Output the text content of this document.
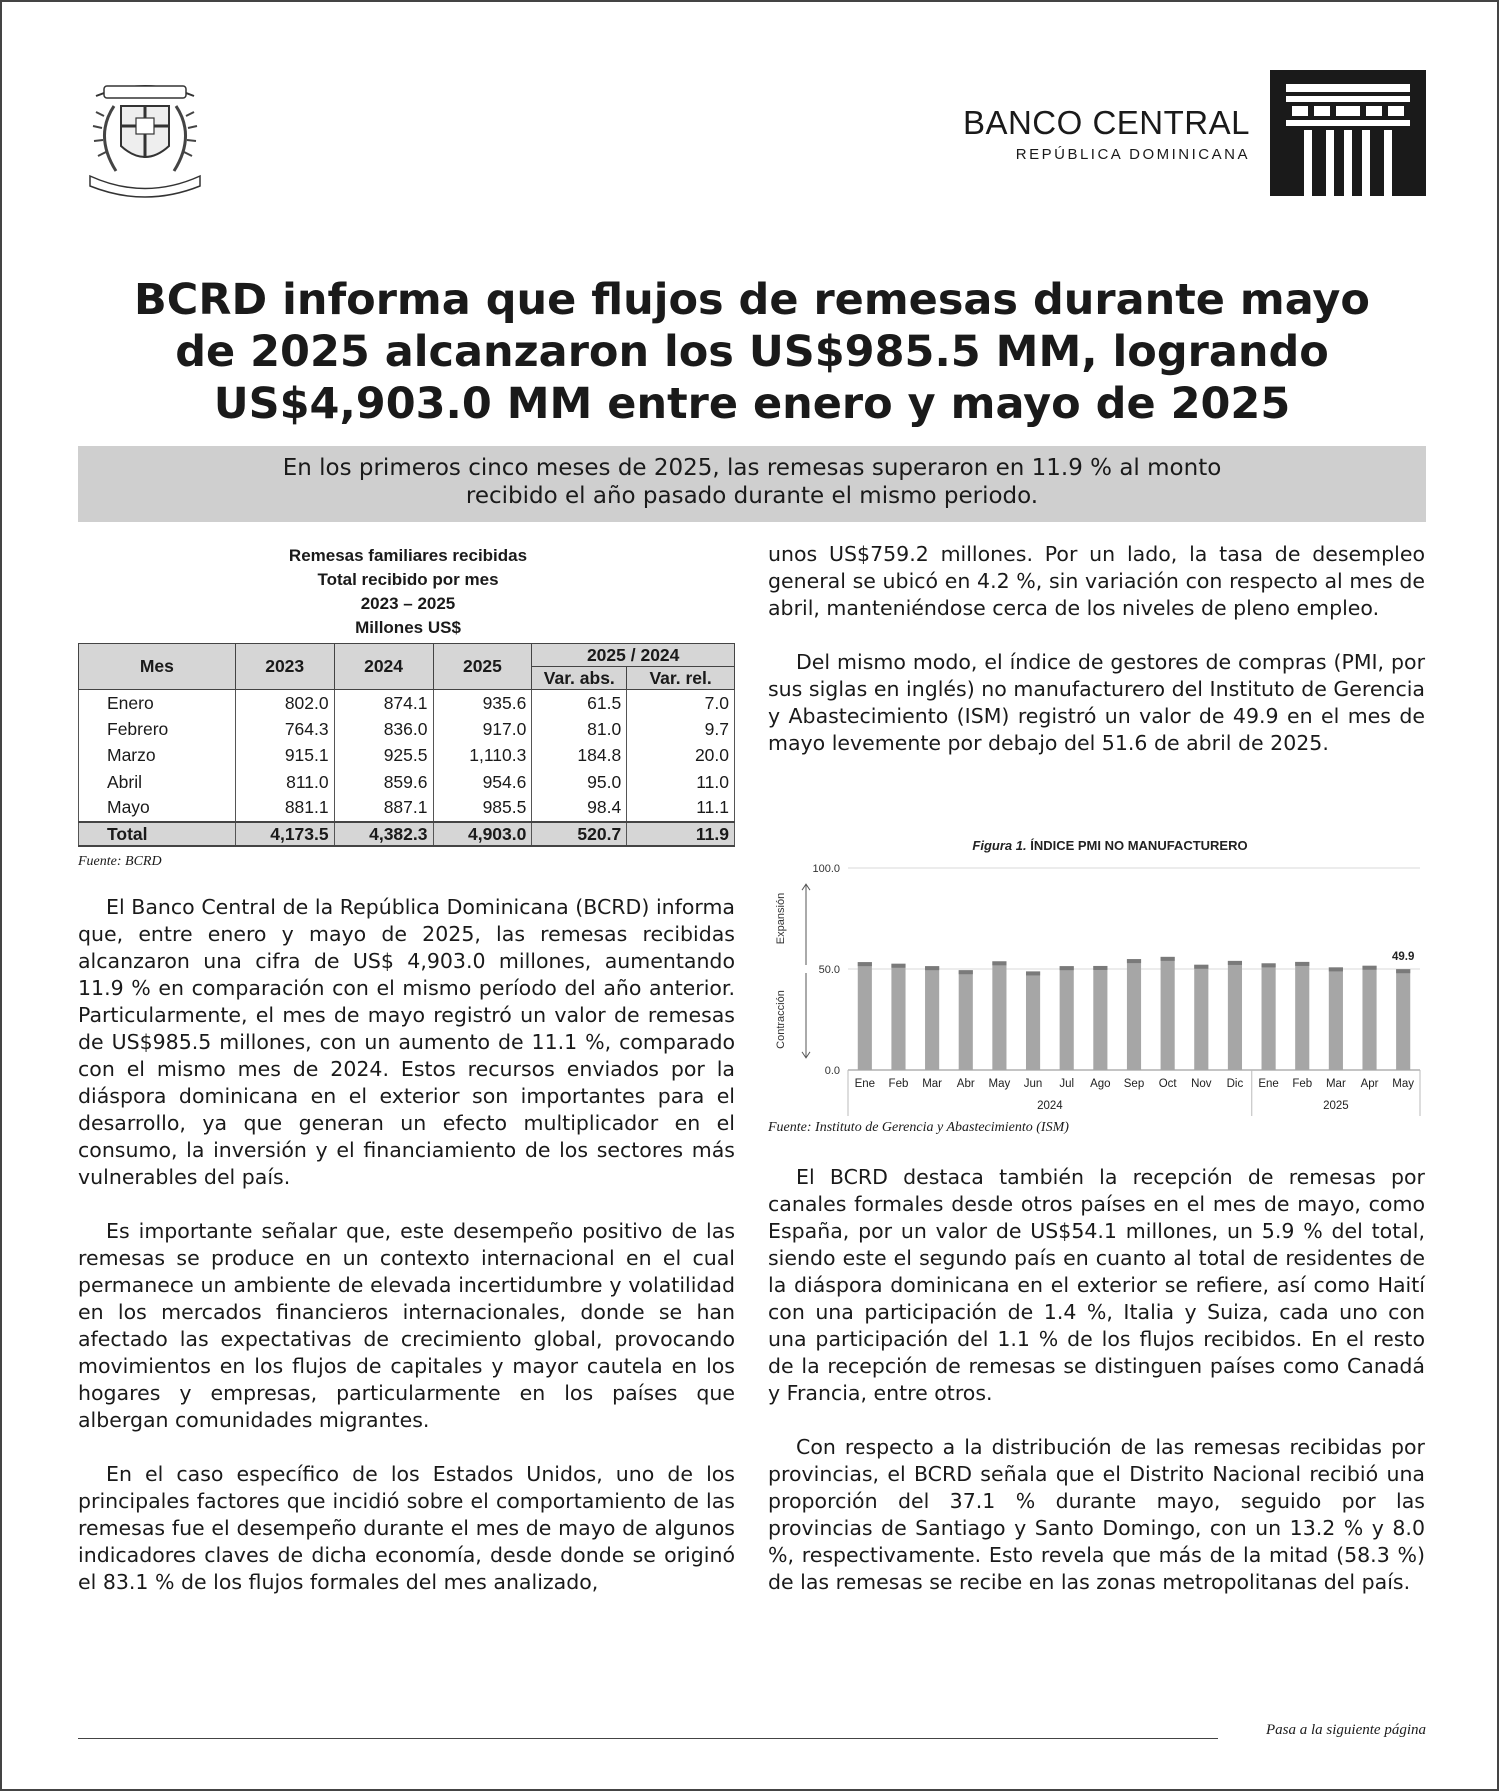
BANCO CENTRAL
REPÚBLICA DOMINICANA
BCRD informa que flujos de remesas durante mayo
de 2025 alcanzaron los US$985.5 MM, logrando
US$4,903.0 MM entre enero y mayo de 2025
En los primeros cinco meses de 2025, las remesas superaron en 11.9 % al monto
recibido el año pasado durante el mismo periodo.
Remesas familiares recibidas
Total recibido por mes
2023 – 2025
Millones US$
Mes	2023	2024	2025	2025 / 2024	
				Var. abs.	Var. rel.
Enero	802.0	874.1	935.6	61.5	7.0
Febrero	764.3	836.0	917.0	81.0	9.7
Marzo	915.1	925.5	1,110.3	184.8	20.0
Abril	811.0	859.6	954.6	95.0	11.0
Mayo	881.1	887.1	985.5	98.4	11.1
Total	4,173.5	4,382.3	4,903.0	520.7	11.9
Fuente: BCRD

El Banco Central de la República Dominicana (BCRD) informa que, entre enero y mayo de 2025, las remesas recibidas alcanzaron una cifra de US$ 4,903.0 millones, aumentando 11.9 % en comparación con el mismo período del año anterior. Particularmente, el mes de mayo registró un valor de remesas de US$985.5 millones, con un aumento de 11.1 %, comparado con el mismo mes de 2024. Estos recursos enviados por la diáspora dominicana en el exterior son importantes para el desarrollo, ya que generan un efecto multiplicador en el consumo, la inversión y el financiamiento de los sectores más vulnerables del país.

Es importante señalar que, este desempeño positivo de las remesas se produce en un contexto internacional en el cual permanece un ambiente de elevada incertidumbre y volatilidad en los mercados financieros internacionales, donde se han afectado las expectativas de crecimiento global, provocando movimientos en los flujos de capitales y mayor cautela en los hogares y empresas, particularmente en los países que albergan comunidades migrantes.

En el caso específico de los Estados Unidos, uno de los principales factores que incidió sobre el comportamiento de las remesas fue el desempeño durante el mes de mayo de algunos indicadores claves de dicha economía, desde donde se originó el 83.1 % de los flujos formales del mes analizado,

unos US$759.2 millones. Por un lado, la tasa de desempleo general se ubicó en 4.2 %, sin variación con respecto al mes de abril, manteniéndose cerca de los niveles de pleno empleo.

Del mismo modo, el índice de gestores de compras (PMI, por sus siglas en inglés) no manufacturero del Instituto de Gerencia y Abastecimiento (ISM) registró un valor de 49.9 en el mes de mayo levemente por debajo del 51.6 de abril de 2025.

Figura 1. ÍNDICE PMI NO MANUFACTURERO
0.0
50.0
100.0
Expansión
Contracción
Ene Feb Mar Abr May Jun Jul Ago Sep Oct Nov Dic Ene Feb Mar Apr May
49.9
2024	2025
Fuente: Instituto de Gerencia y Abastecimiento (ISM)

El BCRD destaca también la recepción de remesas por canales formales desde otros países en el mes de mayo, como España, por un valor de US$54.1 millones, un 5.9 % del total, siendo este el segundo país en cuanto al total de residentes de la diáspora dominicana en el exterior se refiere, así como Haití con una participación de 1.4 %, Italia y Suiza, cada uno con una participación del 1.1 % de los flujos recibidos. En el resto de la recepción de remesas se distinguen países como Canadá y Francia, entre otros.

Con respecto a la distribución de las remesas recibidas por provincias, el BCRD señala que el Distrito Nacional recibió una proporción del 37.1 % durante mayo, seguido por las provincias de Santiago y Santo Domingo, con un 13.2 % y 8.0 %, respectivamente. Esto revela que más de la mitad (58.3 %) de las remesas se recibe en las zonas metropolitanas del país.

Pasa a la siguiente página
